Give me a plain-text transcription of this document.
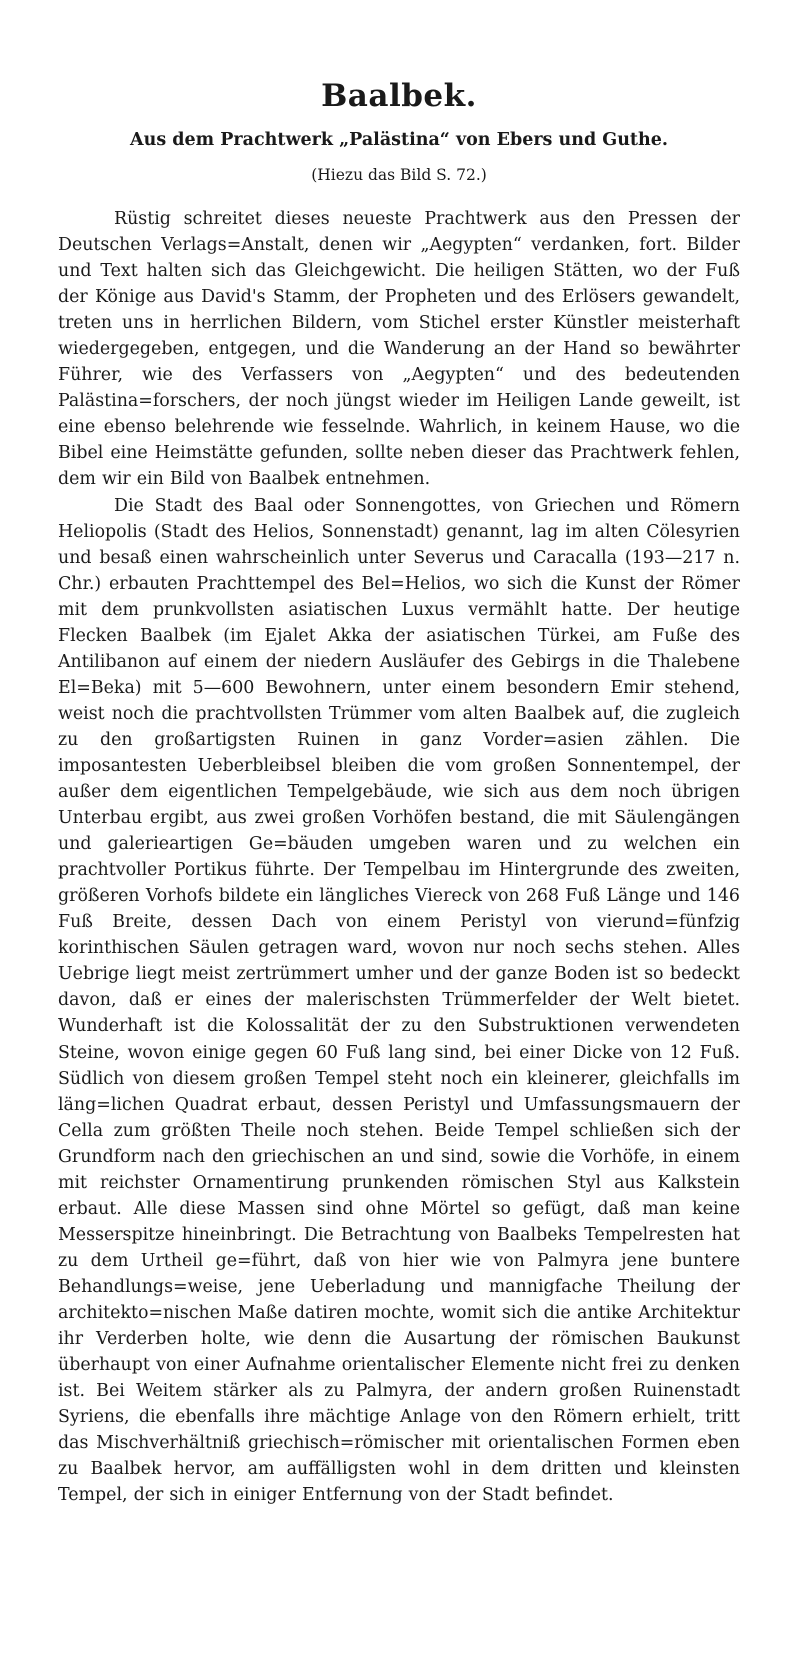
Baalbek.
Aus dem Prachtwerk „Palästina“ von Ebers und Guthe.
(Hiezu das Bild S. 72.)

Rüstig schreitet dieses neueste Prachtwerk aus den Pressen der Deutschen Verlags=Anstalt, denen wir „Aegypten“ verdanken, fort. Bilder und Text halten sich das Gleichgewicht. Die heiligen Stätten, wo der Fuß der Könige aus David's Stamm, der Propheten und des Erlösers gewandelt, treten uns in herrlichen Bildern, vom Stichel erster Künstler meisterhaft wiedergegeben, entgegen, und die Wanderung an der Hand so bewährter Führer, wie des Verfassers von „Aegypten“ und des bedeutenden Palästina=forschers, der noch jüngst wieder im Heiligen Lande geweilt, ist eine ebenso belehrende wie fesselnde. Wahrlich, in keinem Hause, wo die Bibel eine Heimstätte gefunden, sollte neben dieser das Prachtwerk fehlen, dem wir ein Bild von Baalbek entnehmen.

Die Stadt des Baal oder Sonnengottes, von Griechen und Römern Heliopolis (Stadt des Helios, Sonnenstadt) genannt, lag im alten Cölesyrien und besaß einen wahrscheinlich unter Severus und Caracalla (193—217 n. Chr.) erbauten Prachttempel des Bel=Helios, wo sich die Kunst der Römer mit dem prunkvollsten asiatischen Luxus vermählt hatte. Der heutige Flecken Baalbek (im Ejalet Akka der asiatischen Türkei, am Fuße des Antilibanon auf einem der niedern Ausläufer des Gebirgs in die Thalebene El=Beka) mit 5—600 Bewohnern, unter einem besondern Emir stehend, weist noch die prachtvollsten Trümmer vom alten Baalbek auf, die zugleich zu den großartigsten Ruinen in ganz Vorder=asien zählen. Die imposantesten Ueberbleibsel bleiben die vom großen Sonnentempel, der außer dem eigentlichen Tempelgebäude, wie sich aus dem noch übrigen Unterbau ergibt, aus zwei großen Vorhöfen bestand, die mit Säulengängen und galerieartigen Ge=bäuden umgeben waren und zu welchen ein prachtvoller Portikus führte. Der Tempelbau im Hintergrunde des zweiten, größeren Vorhofs bildete ein längliches Viereck von 268 Fuß Länge und 146 Fuß Breite, dessen Dach von einem Peristyl von vierund=fünfzig korinthischen Säulen getragen ward, wovon nur noch sechs stehen. Alles Uebrige liegt meist zertrümmert umher und der ganze Boden ist so bedeckt davon, daß er eines der malerischsten Trümmerfelder der Welt bietet. Wunderhaft ist die Kolossalität der zu den Substruktionen verwendeten Steine, wovon einige gegen 60 Fuß lang sind, bei einer Dicke von 12 Fuß. Südlich von diesem großen Tempel steht noch ein kleinerer, gleichfalls im läng=lichen Quadrat erbaut, dessen Peristyl und Umfassungsmauern der Cella zum größten Theile noch stehen. Beide Tempel schließen sich der Grundform nach den griechischen an und sind, sowie die Vorhöfe, in einem mit reichster Ornamentirung prunkenden römischen Styl aus Kalkstein erbaut. Alle diese Massen sind ohne Mörtel so gefügt, daß man keine Messerspitze hineinbringt. Die Betrachtung von Baalbeks Tempelresten hat zu dem Urtheil ge=führt, daß von hier wie von Palmyra jene buntere Behandlungs=weise, jene Ueberladung und mannigfache Theilung der architekto=nischen Maße datiren mochte, womit sich die antike Architektur ihr Verderben holte, wie denn die Ausartung der römischen Baukunst überhaupt von einer Aufnahme orientalischer Elemente nicht frei zu denken ist. Bei Weitem stärker als zu Palmyra, der andern großen Ruinenstadt Syriens, die ebenfalls ihre mächtige Anlage von den Römern erhielt, tritt das Mischverhältniß griechisch=römischer mit orientalischen Formen eben zu Baalbek hervor, am auffälligsten wohl in dem dritten und kleinsten Tempel, der sich in einiger Entfernung von der Stadt befindet.
